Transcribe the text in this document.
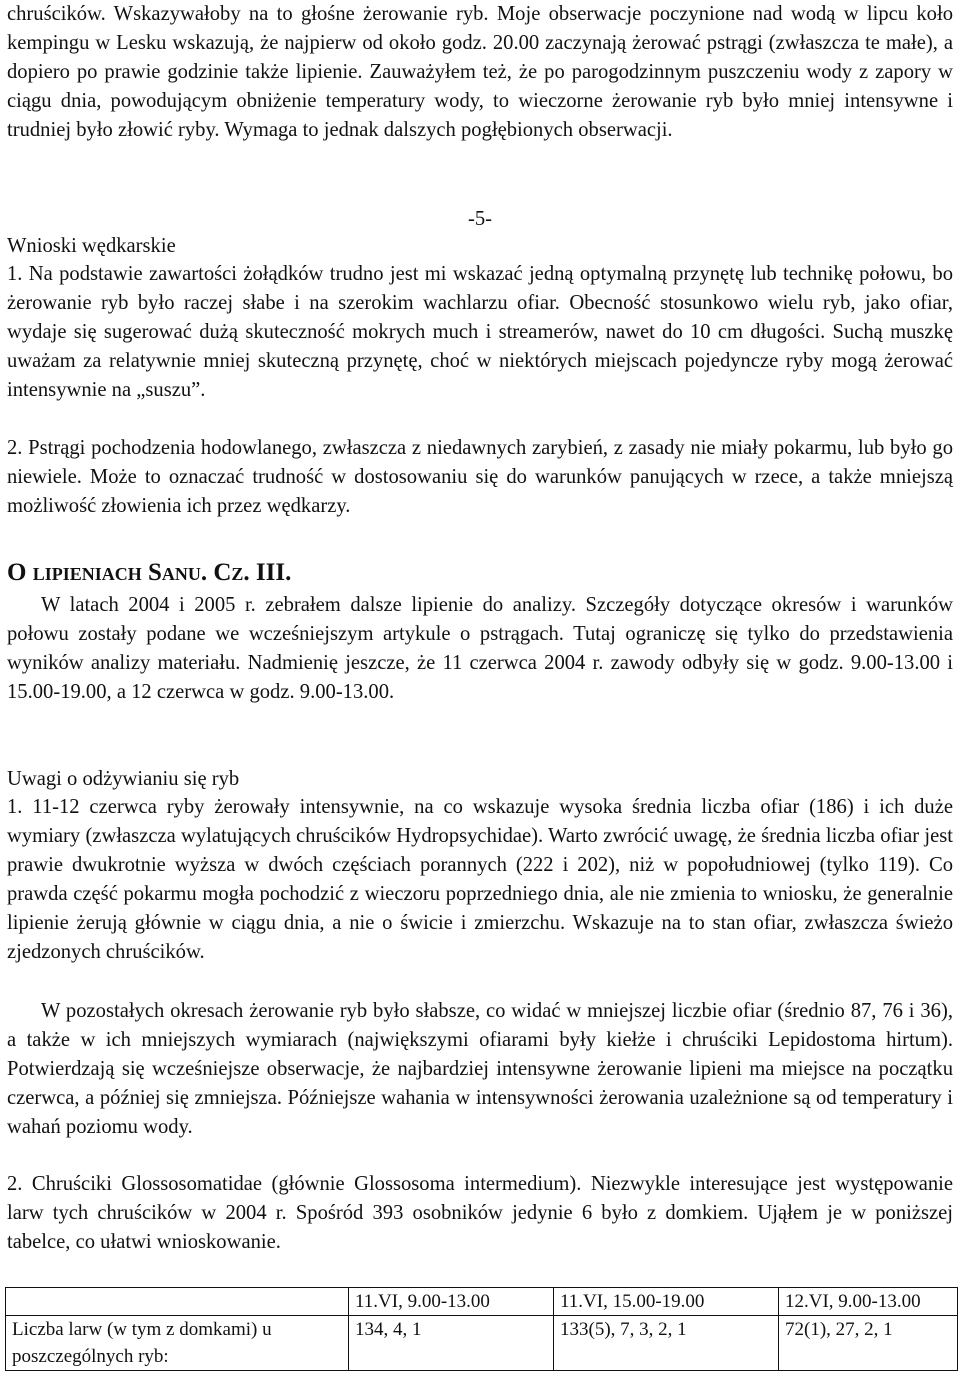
chruścików. Wskazywałoby na to głośne żerowanie ryb. Moje obserwacje poczynione nad wodą w lipcu koło kempingu w Lesku wskazują, że najpierw od około godz. 20.00 zaczynają żerować pstrągi (zwłaszcza te małe), a dopiero po prawie godzinie także lipienie. Zauważyłem też, że po parogodzinnym puszczeniu wody z zapory w ciągu dnia, powodującym obniżenie temperatury wody, to wieczorne żerowanie ryb było mniej intensywne i trudniej było złowić ryby. Wymaga to jednak dalszych pogłębionych obserwacji.

-5-
Wnioski wędkarskie

1. Na podstawie zawartości żołądków trudno jest mi wskazać jedną optymalną przynętę lub technikę połowu, bo żerowanie ryb było raczej słabe i na szerokim wachlarzu ofiar. Obecność stosunkowo wielu ryb, jako ofiar, wydaje się sugerować dużą skuteczność mokrych much i streamerów, nawet do 10 cm długości. Suchą muszkę uważam za relatywnie mniej skuteczną przynętę, choć w niektórych miejscach pojedyncze ryby mogą żerować intensywnie na „suszu”.

2. Pstrągi pochodzenia hodowlanego, zwłaszcza z niedawnych zarybień, z zasady nie miały pokarmu, lub było go niewiele. Może to oznaczać trudność w dostosowaniu się do warunków panujących w rzece, a także mniejszą możliwość złowienia ich przez wędkarzy.

O lipieniach Sanu. Cz. III.

W latach 2004 i 2005 r. zebrałem dalsze lipienie do analizy. Szczegóły dotyczące okresów i warunków połowu zostały podane we wcześniejszym artykule o pstrągach. Tutaj ograniczę się tylko do przedstawienia wyników analizy materiału. Nadmienię jeszcze, że 11 czerwca 2004 r. zawody odbyły się w godz. 9.00-13.00 i 15.00-19.00, a 12 czerwca w godz. 9.00-13.00.

Uwagi o odżywianiu się ryb

1. 11-12 czerwca ryby żerowały intensywnie, na co wskazuje wysoka średnia liczba ofiar (186) i ich duże wymiary (zwłaszcza wylatujących chruścików Hydropsychidae). Warto zwrócić uwagę, że średnia liczba ofiar jest prawie dwukrotnie wyższa w dwóch częściach porannych (222 i 202), niż w popołudniowej (tylko 119). Co prawda część pokarmu mogła pochodzić z wieczoru poprzedniego dnia, ale nie zmienia to wniosku, że generalnie lipienie żerują głównie w ciągu dnia, a nie o świcie i zmierzchu. Wskazuje na to stan ofiar, zwłaszcza świeżo zjedzonych chruścików.

W pozostałych okresach żerowanie ryb było słabsze, co widać w mniejszej liczbie ofiar (średnio 87, 76 i 36), a także w ich mniejszych wymiarach (największymi ofiarami były kiełże i chruściki Lepidostoma hirtum). Potwierdzają się wcześniejsze obserwacje, że najbardziej intensywne żerowanie lipieni ma miejsce na początku czerwca, a później się zmniejsza. Późniejsze wahania w intensywności żerowania uzależnione są od temperatury i wahań poziomu wody.

2. Chruściki Glossosomatidae (głównie Glossosoma intermedium). Niezwykle interesujące jest występowanie larw tych chruścików w 2004 r. Spośród 393 osobników jedynie 6 było z domkiem. Ująłem je w poniższej tabelce, co ułatwi wnioskowanie.

	11.VI, 9.00-13.00	11.VI, 15.00-19.00	12.VI, 9.00-13.00
Liczba larw (w tym z domkami) u poszczególnych ryb:	134, 4, 1	133(5), 7, 3, 2, 1	72(1), 27, 2, 1
